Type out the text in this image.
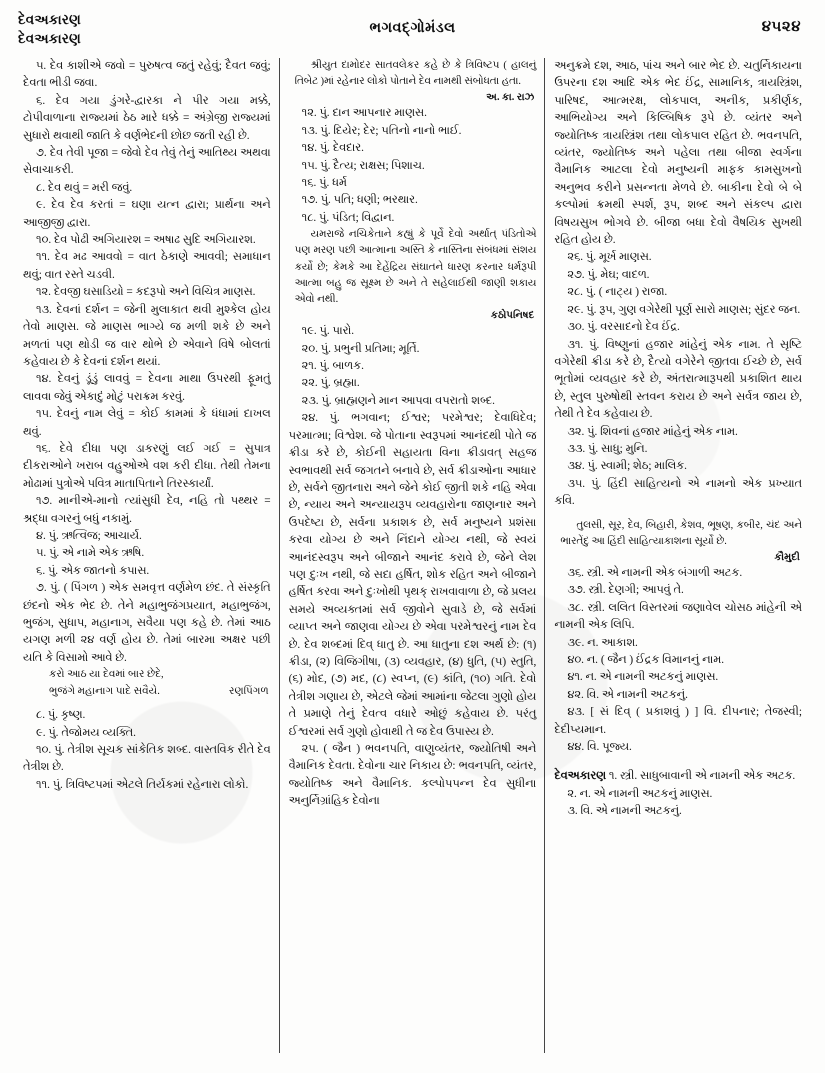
દેવઅકારણ
દેવઅકારણ
ભગવદ્ગોમંડલ	૪૫૨૪

૫. દેવ કાશીએ જવો = પુરુષત્વ જતું રહેવું; દૈવત જવું; દેવતા ભીડી જવા.

૬. દેવ ગયા ડુંગરે-દ્વારકા ને પીર ગયા મક્કે, ટોપીવાળાના રાજ્યમાં ઠેઠ મારે ધક્કે = અંગ્રેજી રાજ્યમાં સુધારો થવાથી જાતિ કે વર્ણભેદની છોછ જતી રહી છે.

૭. દેવ તેવી પૂજા = જેવો દેવ તેવું તેનું આતિથ્ય અથવા સેવાચાકરી.

૮. દેવ થવું = મરી જવું.

૯. દેવ દેવ કરતાં = ઘણા યત્ન દ્વારા; પ્રાર્થના અને આજીજી દ્વારા.

૧૦. દેવ પોઢી અગિયારશ = અષાઢ સુદિ અગિયારશ.

૧૧. દેવ મઢ આવવો = વાત ઠેકાણે આવવી; સમાધાન થવું; વાત રસ્તે ચડવી.

૧૨. દેવજી ઘસાડિયો = કદરૂપો અને વિચિત્ર માણસ.

૧૩. દેવનાં દર્શન = જેની મુલાકાત થવી મુશ્કેલ હોય તેવો માણસ. જે માણસ ભાગ્યે જ મળી શકે છે અને મળતાં પણ થોડી જ વાર થોભે છે એવાને વિષે બોલતાં કહેવાય છે કે દેવનાં દર્શન થયાં.

૧૪. દેવનું ડૂંડું લાવવું = દેવના માથા ઉપરથી ફૂમતું લાવવા જેવું એકાદું મોટું પરાક્રમ કરવું.

૧૫. દેવનું નામ લેવું = કોઈ કામમાં કે ધંધામાં દાખલ થવું.

૧૬. દેવે દીધા પણ ડાકરણું લઈ ગઈ = સુપાત્ર દીકરાઓને ખરાબ વહુઓએ વશ કરી દીધા. તેથી તેમના મોઢામાં પુત્રોએ પવિત્ર માતાપિતાને તિરસ્કાર્યાં.

૧૭. માનીએ-માનો ત્યાંસુધી દેવ, નહિ તો પથ્થર = શ્રદ્ધા વગરનું બધું નકામું.

૪. પું. ઋત્વિજ; આચાર્ય.

૫. પું. એ નામે એક ઋષિ.

૬. પું. એક જાતનો કપાસ.

૭. પું. ( પિંગળ ) એક સમવૃત્ત વર્ણમેળ છંદ. તે સંસ્કૃતિ છંદનો એક ભેદ છે. તેને મહાભુજંગપ્રયાત, મહાભુજંગ, ભુજંગ, સુધાપ, મહાનાગ, સવૈયા પણ કહે છે. તેમાં આઠ યગણ મળી ૨૪ વર્ણ હોય છે. તેમાં બારમા અક્ષર પછી યતિ કે વિસામો આવે છે.

કરો આઠ યા દેવમાં બાર છેદે,
રણપિંગળ
ભુજંગે મહાનાગ પાદે સવૈયે.

૮. પું. કૃષ્ણ.

૯. પું. તેજોમય વ્યક્તિ.

૧૦. પું. તેત્રીશ સૂચક સાંકેતિક શબ્દ. વાસ્તવિક રીતે દેવ તેત્રીશ છે.

૧૧. પું. ત્રિવિષ્ટપમાં એટલે તિર્યકમાં રહેનારા લોકો.

શ્રીયુત દામોદર સાતવલેકર કહે છે કે ત્રિવિષ્ટપ ( હાલનું તિબેટ )માં રહેનાર લોકો પોતાને દેવ નામથી સંબોધતા હતા.

અ. કા. રાઝ

૧૨. પું. દાન આપનાર માણસ.

૧૩. પું. દિયેર; દેર; પતિનો નાનો ભાઈ.

૧૪. પું. દેવદાર.

૧૫. પું. દૈત્ય; રાક્ષસ; પિશાચ.

૧૬. પું. ધર્મ

૧૭. પું. પતિ; ધણી; ભરથાર.

૧૮. પું. પંડિત; વિદ્વાન.

યમરાજે નચિકેતાને કહ્યું કે પૂર્વે દેવો અર્થાત્ પંડિતોએ પણ મરણ પછી આત્માના અસ્તિ કે નાસ્તિના સંબંધમાં સંશય કર્યો છે; કેમકે આ દેહેંદ્રિય સંઘાતને ધારણ કરનાર ધર્મરૂપી આત્મા બહુ જ સૂક્ષ્મ છે અને તે સહેલાઈથી જાણી શકાય એવો નથી.

કઠોપનિષદ

૧૯. પું. પારો.

૨૦. પું. પ્રભુની પ્રતિમા; મૂર્તિ.

૨૧. પું. બાળક.

૨૨. પું. બ્રહ્મા.

૨૩. પું. બ્રાહ્મણને માન આપવા વપરાતો શબ્દ.

૨૪. પું. ભગવાન; ઈશ્વર; પરમેશ્વર; દેવાધિદેવ; પરમાત્મા; વિશ્વેશ. જે પોતાના સ્વરૂપમાં આનંદથી પોતે જ ક્રીડા કરે છે, કોઈની સહાયતા વિના ક્રીડાવત્ સહજ સ્વભાવથી સર્વ જગતને બનાવે છે, સર્વ ક્રીડાઓના આધાર છે, સર્વને જીતનારા અને જેને કોઈ જીતી શકે નહિ એવા છે, ન્યાય અને અન્યાયરૂપ વ્યવહારોના જાણનાર અને ઉપદેષ્ટા છે, સર્વના પ્રકાશક છે, સર્વ મનુષ્યને પ્રશંસા કરવા યોગ્ય છે અને નિંદાને યોગ્ય નથી, જે સ્વયં આનંદસ્વરૂપ અને બીજાને આનંદ કરાવે છે, જેને લેશ પણ દુઃખ નથી, જે સદા હર્ષિત, શોક રહિત અને બીજાને હર્ષિત કરવા અને દુઃખોથી પૃથક્ રાખવાવાળા છે, જે પ્રલય સમયે અવ્યક્તમાં સર્વ જીવોને સુવાડે છે, જે સર્વમાં વ્યાપ્ત અને જાણવા યોગ્ય છે એવા પરમેશ્વરનું નામ દેવ છે. દેવ શબ્દમાં દિવ્ ધાતુ છે. આ ધાતુના દશ અર્થ છે: (૧) ક્રીડા, (૨) વિજિગીષા, (૩) વ્યવહાર, (૪) ધુતિ, (૫) સ્તુતિ, (૬) મોદ, (૭) મદ, (૮) સ્વપ્ન, (૯) કાંતિ, (૧૦) ગતિ. દેવો તેત્રીશ ગણાય છે, એટલે જેમાં આમાંના જેટલા ગુણો હોય તે પ્રમાણે તેનું દેવત્વ વધારે ઓછું કહેવાય છે. પરંતુ ઈશ્વરમાં સર્વ ગુણો હોવાથી તે જ દેવ ઉપાસ્ય છે.

૨૫. ( જૈન ) ભવનપતિ, વાણુવ્યંતર, જ્યોતિષી અને વૈમાનિક દેવતા. દેવોના ચાર નિકાય છે: ભવનપતિ, વ્યંતર, જ્યોતિષ્ક અને વૈમાનિક. કલ્પોપપન્ન દેવ સુધીના અનુર્નિગ્રાંહિક દેવોના

અનુક્રમે દશ, આઠ, પાંચ અને બાર ભેદ છે. ચતુર્નિકાયના ઉપરના દશ આદિ એક ભેદ ઈંદ્ર, સામાનિક, ત્રાયસ્ત્રિંશ, પારિષદ, આત્મરક્ષ, લોકપાલ, અનીક, પ્રકીર્ણક, આભિયોગ્ય અને કિલ્બિષિક રૂપે છે. વ્યંતર અને જ્યોતિષ્ક ત્રાયસ્ત્રિંશ તથા લોકપાલ રહિત છે. ભવનપતિ, વ્યંતર, જ્યોતિષ્ક અને પહેલા તથા બીજા સ્વર્ગના વૈમાનિક આટલા દેવો મનુષ્યની માફક કામસુખનો અનુભવ કરીને પ્રસન્નતા મેળવે છે. બાકીના દેવો બે બે કલ્પોમાં ક્રમથી સ્પર્શ, રૂપ, શબ્દ અને સંકલ્પ દ્વારા વિષયસુખ ભોગવે છે. બીજા બધા દેવો વૈષયિક સુખથી રહિત હોય છે.

૨૬. પું. મૂર્ખ માણસ.

૨૭. પું. મેઘ; વાદળ.

૨૮. પું. ( નાટ્ય ) રાજા.

૨૯. પું. રૂપ, ગુણ વગેરેથી પૂર્ણ સારો માણસ; સુંદર જન.

૩૦. પું. વરસાદનો દેવ ઈંદ્ર.

૩૧. પું. વિષ્ણુનાં હજાર માંહેનું એક નામ. તે સૃષ્ટિ વગેરેથી ક્રીડા કરે છે, દૈત્યો વગેરેને જીતવા ઈચ્છે છે, સર્વ ભૂતોમાં વ્યવહાર કરે છે, અંતરાત્મારૂપથી પ્રકાશિત થાય છે, સ્તુલ પુરુષોથી સ્તવન કરાય છે અને સર્વત્ર જાય છે, તેથી તે દેવ કહેવાય છે.

૩૨. પું. શિવનાં હજાર માંહેનું એક નામ.

૩૩. પું. સાધુ; મુનિ.

૩૪. પું. સ્વામી; શેઠ; માલિક.

૩૫. પું. હિંદી સાહિત્યનો એ નામનો એક પ્રખ્યાત કવિ.

તુલસી, સૂર, દેવ, બિહારી, કેશવ, ભૂષણ, કબીર, ચંદ અને ભારતેંદુ આ હિંદી સાહિત્યાકાશના સૂર્યો છે.

કૌમુદી

૩૬. સ્ત્રી. એ નામની એક બંગાળી અટક.

૩૭. સ્ત્રી. દેણગી; આપવું તે.

૩૮. સ્ત્રી. લલિત વિસ્તરમાં જણાવેલ ચોસઠ માંહેની એ નામની એક લિપિ.

૩૯. ન. આકાશ.

૪૦. ન. ( જૈન ) ઈંદ્રક વિમાનનું નામ.

૪૧. ન. એ નામની અટકનું માણસ.

૪૨. વિ. એ નામની અટકનું.

૪૩. [ સં દિવ્ ( પ્રકાશવું ) ] વિ. દીપનાર; તેજસ્વી; દેદીપ્યમાન.

૪૪. વિ. પૂજ્ય.

દેવઅકારણ ૧. સ્ત્રી. સાધુબાવાની એ નામની એક અટક.

૨. ન. એ નામની અટકનું માણસ.

૩. વિ. એ નામની અટકનું.
